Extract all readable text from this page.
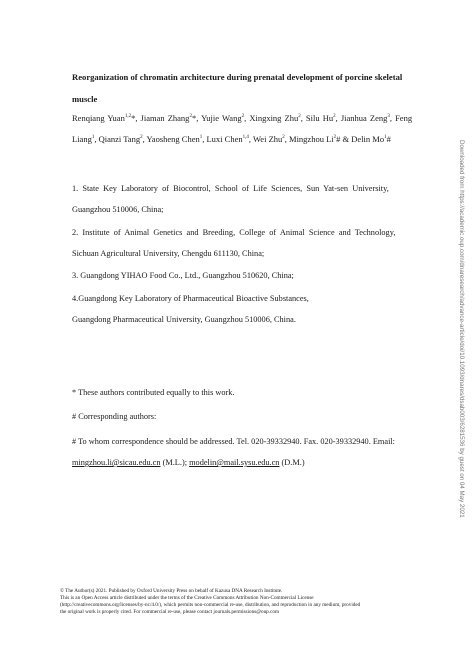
Reorganization of chromatin architecture during prenatal development of porcine skeletal
muscle

Renqiang Yuan$^{1,2}$*, Jiaman Zhang$^2$*, Yujie Wang$^2$, Xingxing Zhu$^2$, Silu Hu$^2$, Jianhua Zeng$^3$, Feng Liang$^1$, Qianzi Tang$^2$, Yaosheng Chen$^1$, Luxi Chen$^{1,4}$, Wei Zhu$^2$, Mingzhou Li$^2$# & Delin Mo$^1$#

1.  State  Key  Laboratory  of  Biocontrol,  School  of  Life  Sciences,  Sun  Yat-sen  University,
Guangzhou 510006, China;

2.  Institute  of  Animal  Genetics  and  Breeding,  College  of  Animal  Science  and  Technology,
Sichuan Agricultural University, Chengdu 611130, China;

3. Guangdong YIHAO Food Co., Ltd., Guangzhou 510620, China;

4.Guangdong Key Laboratory of Pharmaceutical Bioactive Substances,
Guangdong Pharmaceutical University, Guangzhou 510006, China.

* These authors contributed equally to this work.

# Corresponding authors:

# To whom correspondence should be addressed. Tel. 020-39332940. Fax. 020-39332940. Email:
mingzhou.li@sicau.edu.cn (M.L.); modelin@mail.sysu.edu.cn (D.M.)

© The Author(s) 2021. Published by Oxford University Press on behalf of Kazusa DNA Research Institute.
This is an Open Access article distributed under the terms of the Creative Commons Attribution Non-Commercial License
(http://creativecommons.org/licenses/by-nc/4.0/), which permits non-commercial re-use, distribution, and reproduction in any medium, provided
the original work is properly cited. For commercial re-use, please contact journals.permissions@oup.com

Downloaded from https://academic.oup.com/dnaresearch/advance-article/doi/10.1093/dnares/dsab003/6281536 by guest on 04 May 2021
